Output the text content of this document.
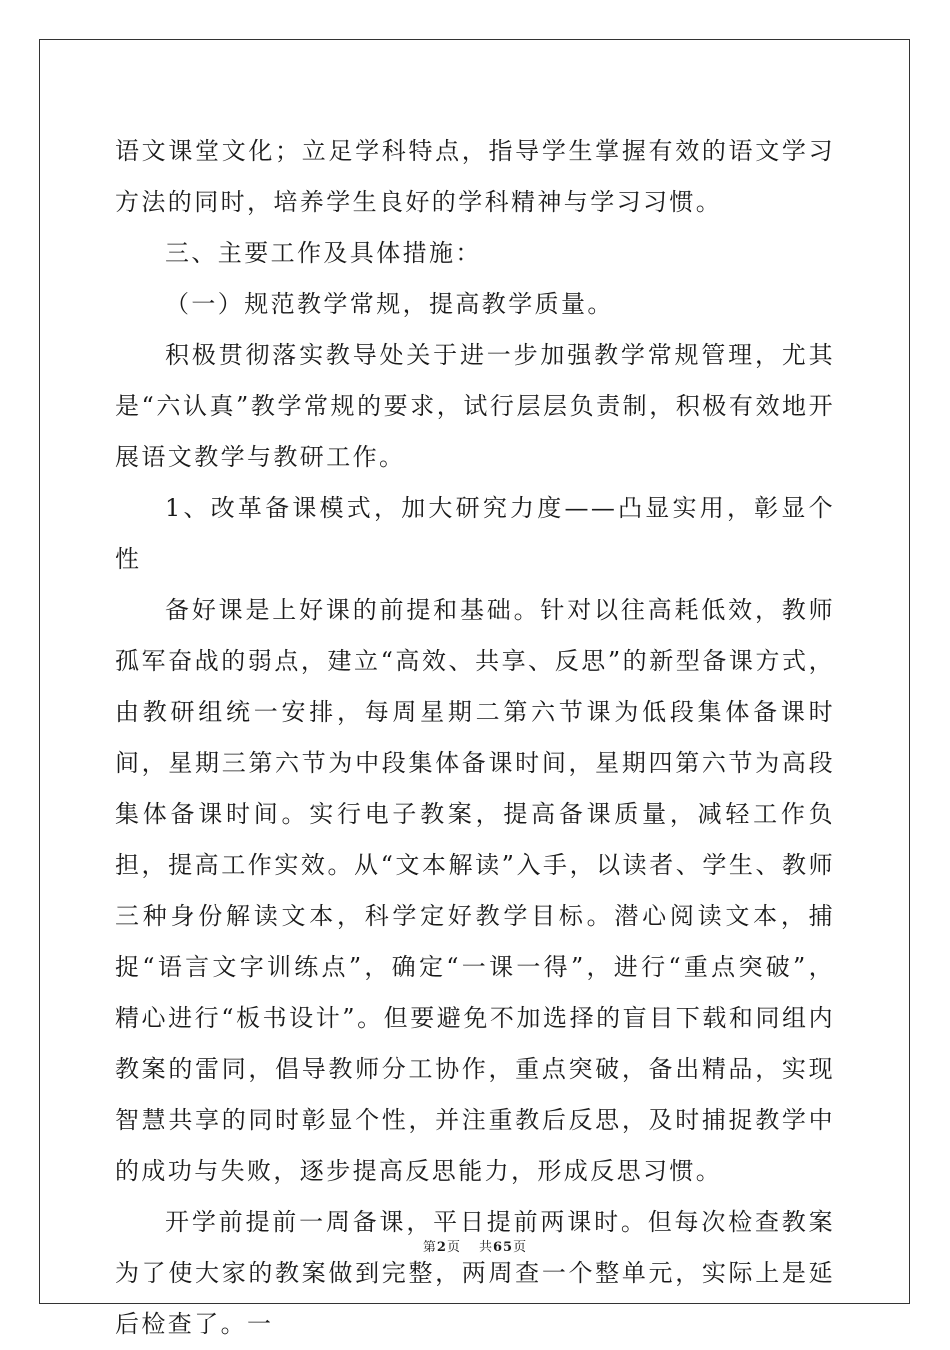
语文课堂文化；立足学科特点，指导学生掌握有效的语文学习方法的同时，培养学生良好的学科精神与学习习惯。

三、主要工作及具体措施：

（一）规范教学常规，提高教学质量。

积极贯彻落实教导处关于进一步加强教学常规管理，尤其是“六认真”教学常规的要求，试行层层负责制，积极有效地开展语文教学与教研工作。

1、改革备课模式，加大研究力度——凸显实用，彰显个性

备好课是上好课的前提和基础。针对以往高耗低效，教师孤军奋战的弱点，建立“高效、共享、反思”的新型备课方式，由教研组统一安排，每周星期二第六节课为低段集体备课时间，星期三第六节为中段集体备课时间，星期四第六节为高段集体备课时间。实行电子教案，提高备课质量，减轻工作负担，提高工作实效。从“文本解读”入手，以读者、学生、教师三种身份解读文本，科学定好教学目标。潜心阅读文本，捕捉“语言文字训练点”，确定“一课一得”，进行“重点突破”，精心进行“板书设计”。但要避免不加选择的盲目下载和同组内教案的雷同，倡导教师分工协作，重点突破，备出精品，实现智慧共享的同时彰显个性，并注重教后反思，及时捕捉教学中的成功与失败，逐步提高反思能力，形成反思习惯。

开学前提前一周备课，平日提前两课时。但每次检查教案为了使大家的教案做到完整，两周查一个整单元，实际上是延后检查了。一

第2页 共65页
